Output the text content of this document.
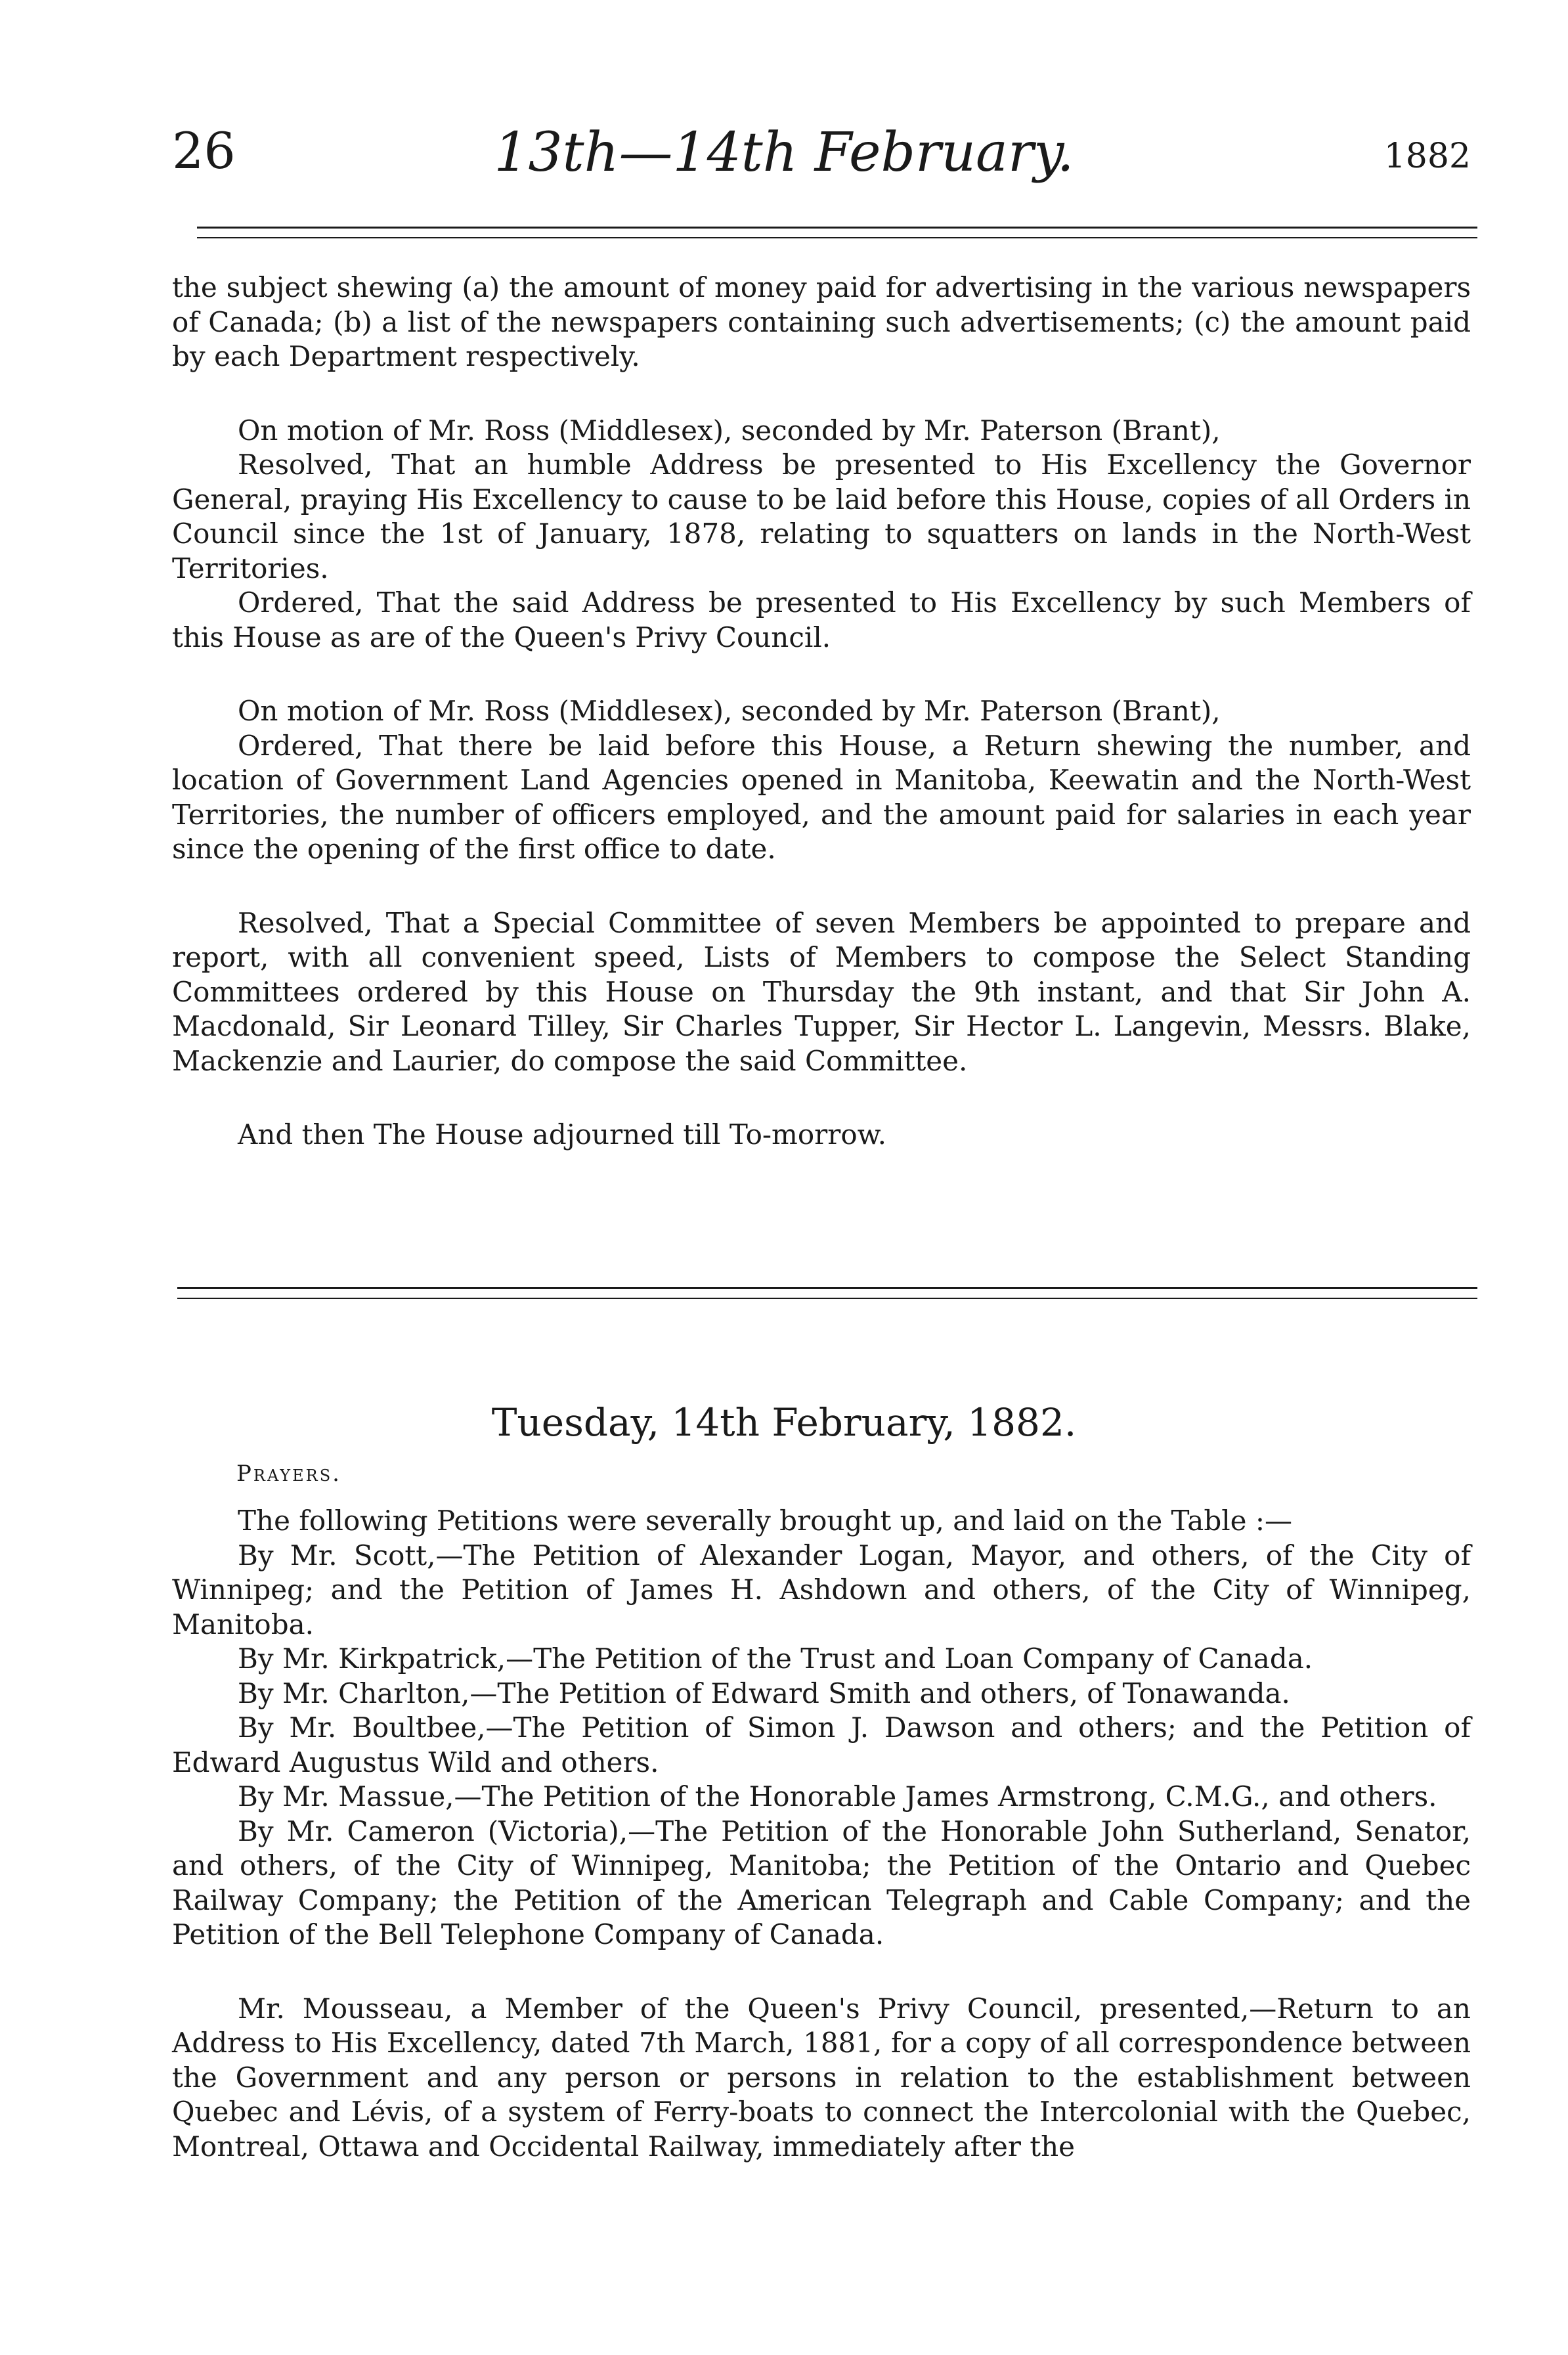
26	13th—14th February.	1882

the subject shewing (a) the amount of money paid for advertising in the various newspapers of Canada; (b) a list of the newspapers containing such advertisements; (c) the amount paid by each Department respectively.

On motion of Mr. Ross (Middlesex), seconded by Mr. Paterson (Brant),

Resolved, That an humble Address be presented to His Excellency the Governor General, praying His Excellency to cause to be laid before this House, copies of all Orders in Council since the 1st of January, 1878, relating to squatters on lands in the North-West Territories.

Ordered, That the said Address be presented to His Excellency by such Members of this House as are of the Queen's Privy Council.

On motion of Mr. Ross (Middlesex), seconded by Mr. Paterson (Brant),

Ordered, That there be laid before this House, a Return shewing the number, and location of Government Land Agencies opened in Manitoba, Keewatin and the North-West Territories, the number of officers employed, and the amount paid for salaries in each year since the opening of the first office to date.

Resolved, That a Special Committee of seven Members be appointed to prepare and report, with all convenient speed, Lists of Members to compose the Select Standing Committees ordered by this House on Thursday the 9th instant, and that Sir John A. Macdonald, Sir Leonard Tilley, Sir Charles Tupper, Sir Hector L. Langevin, Messrs. Blake, Mackenzie and Laurier, do compose the said Committee.

And then The House adjourned till To-morrow.

Tuesday, 14th February, 1882.
Prayers.

The following Petitions were severally brought up, and laid on the Table :—

By Mr. Scott,—The Petition of Alexander Logan, Mayor, and others, of the City of Winnipeg; and the Petition of James H. Ashdown and others, of the City of Winnipeg, Manitoba.

By Mr. Kirkpatrick,—The Petition of the Trust and Loan Company of Canada.

By Mr. Charlton,—The Petition of Edward Smith and others, of Tonawanda.

By Mr. Boultbee,—The Petition of Simon J. Dawson and others; and the Petition of Edward Augustus Wild and others.

By Mr. Massue,—The Petition of the Honorable James Armstrong, C.M.G., and others.

By Mr. Cameron (Victoria),—The Petition of the Honorable John Sutherland, Senator, and others, of the City of Winnipeg, Manitoba; the Petition of the Ontario and Quebec Railway Company; the Petition of the American Telegraph and Cable Company; and the Petition of the Bell Telephone Company of Canada.

Mr. Mousseau, a Member of the Queen's Privy Council, presented,—Return to an Address to His Excellency, dated 7th March, 1881, for a copy of all correspondence between the Government and any person or persons in relation to the establishment between Quebec and Lévis, of a system of Ferry-boats to connect the Intercolonial with the Quebec, Montreal, Ottawa and Occidental Railway, immediately after the
